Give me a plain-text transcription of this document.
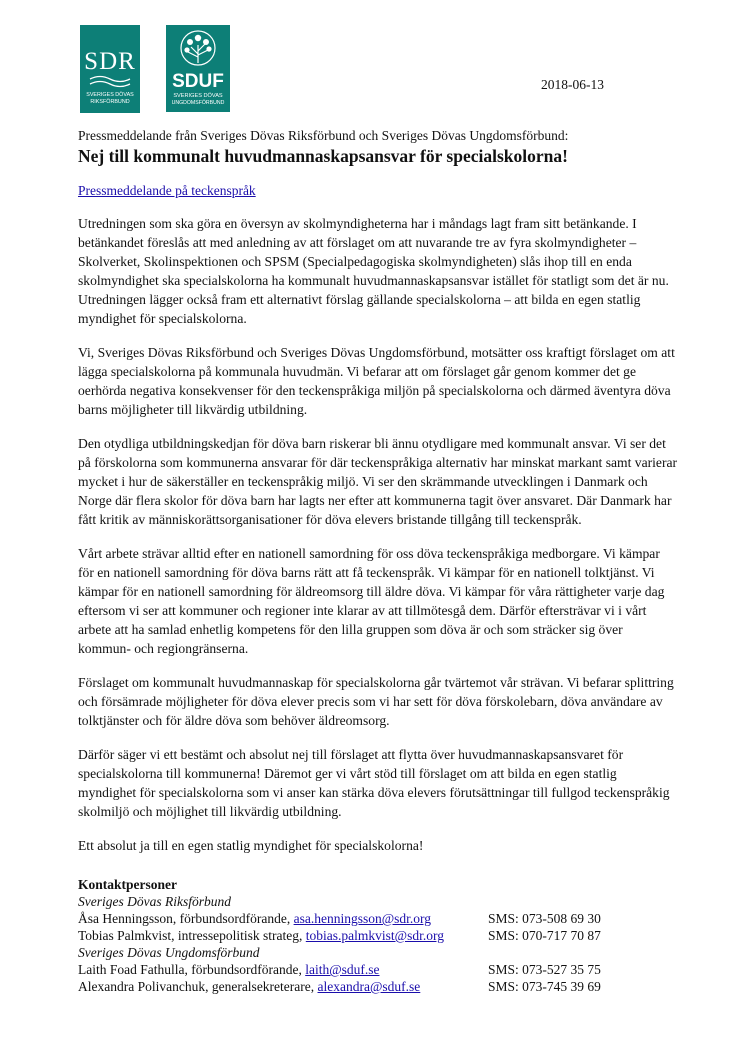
SDR
SVERIGES DÖVAS
RIKSFÖRBUND
SDUF
SVERIGES DÖVAS
UNGDOMSFÖRBUND
2018-06-13
Pressmeddelande från Sveriges Dövas Riksförbund och Sveriges Dövas Ungdomsförbund:
Nej till kommunalt huvudmannaskapsansvar för specialskolorna!
Pressmeddelande på teckenspråk

Utredningen som ska göra en översyn av skolmyndigheterna har i måndags lagt fram sitt betänkande. I betänkandet föreslås att med anledning av att förslaget om att nuvarande tre av fyra skolmyndigheter – Skolverket, Skolinspektionen och SPSM (Specialpedagogiska skolmyndigheten) slås ihop till en enda skolmyndighet ska specialskolorna ha kommunalt huvudmannaskapsansvar istället för statligt som det är nu. Utredningen lägger också fram ett alternativt förslag gällande specialskolorna – att bilda en egen statlig myndighet för specialskolorna.

Vi, Sveriges Dövas Riksförbund och Sveriges Dövas Ungdomsförbund, motsätter oss kraftigt förslaget om att lägga specialskolorna på kommunala huvudmän. Vi befarar att om förslaget går genom kommer det ge oerhörda negativa konsekvenser för den teckenspråkiga miljön på specialskolorna och därmed äventyra döva barns möjligheter till likvärdig utbildning.

Den otydliga utbildningskedjan för döva barn riskerar bli ännu otydligare med kommunalt ansvar. Vi ser det på förskolorna som kommunerna ansvarar för där teckenspråkiga alternativ har minskat markant samt varierar mycket i hur de säkerställer en teckenspråkig miljö. Vi ser den skrämmande utvecklingen i Danmark och Norge där flera skolor för döva barn har lagts ner efter att kommunerna tagit över ansvaret. Där Danmark har fått kritik av människorättsorganisationer för döva elevers bristande tillgång till teckenspråk.

Vårt arbete strävar alltid efter en nationell samordning för oss döva teckenspråkiga medborgare. Vi kämpar för en nationell samordning för döva barns rätt att få teckenspråk. Vi kämpar för en nationell tolktjänst. Vi kämpar för en nationell samordning för äldreomsorg till äldre döva. Vi kämpar för våra rättigheter varje dag eftersom vi ser att kommuner och regioner inte klarar av att tillmötesgå dem. Därför eftersträvar vi i vårt arbete att ha samlad enhetlig kompetens för den lilla gruppen som döva är och som sträcker sig över kommun- och regiongränserna.

Förslaget om kommunalt huvudmannaskap för specialskolorna går tvärtemot vår strävan. Vi befarar splittring och försämrade möjligheter för döva elever precis som vi har sett för döva förskolebarn, döva användare av tolktjänster och för äldre döva som behöver äldreomsorg.

Därför säger vi ett bestämt och absolut nej till förslaget att flytta över huvudmannaskapsansvaret för specialskolorna till kommunerna! Däremot ger vi vårt stöd till förslaget om att bilda en egen statlig myndighet för specialskolorna som vi anser kan stärka döva elevers förutsättningar till fullgod teckenspråkig skolmiljö och möjlighet till likvärdig utbildning.

Ett absolut ja till en egen statlig myndighet för specialskolorna!

Kontaktpersoner
Sveriges Dövas Riksförbund
Åsa Henningsson, förbundsordförande, asa.henningsson@sdr.org	SMS: 073-508 69 30
Tobias Palmkvist, intressepolitisk strateg, tobias.palmkvist@sdr.org	SMS: 070-717 70 87
Sveriges Dövas Ungdomsförbund
Laith Foad Fathulla, förbundsordförande, laith@sduf.se	SMS: 073-527 35 75
Alexandra Polivanchuk, generalsekreterare, alexandra@sduf.se	SMS: 073-745 39 69
